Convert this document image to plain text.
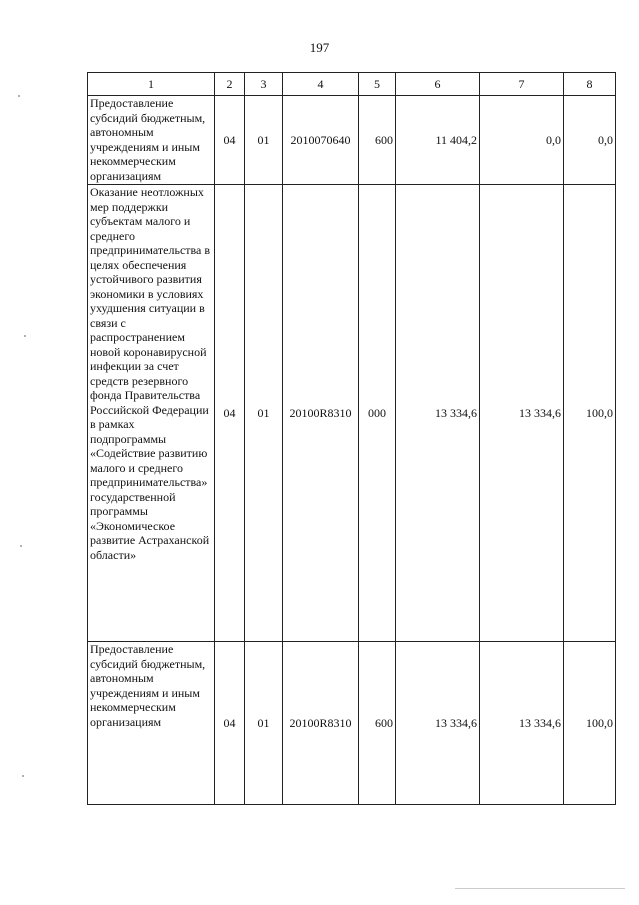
197
1	2	3	4	5	6	7	8
Предоставление субсидий бюджетным, автономным учреждениям и иным некоммерческим организациям	04	01	2010070640	600	11 404,2	0,0	0,0
Оказание неотложных мер поддержки субъектам малого и среднего предпринимательства в целях обеспечения устойчивого развития экономики в условиях ухудшения ситуации в связи с распространением новой коронавирусной инфекции за счет средств резервного фонда Правительства Российской Федерации в рамках подпрограммы «Содействие развитию малого и среднего предпринимательства» государственной программы «Экономическое развитие Астраханской области»	04	01	20100R8310	000	13 334,6	13 334,6	100,0
Предоставление субсидий бюджетным, автономным учреждениям и иным некоммерческим организациям	04	01	20100R8310	600	13 334,6	13 334,6	100,0
